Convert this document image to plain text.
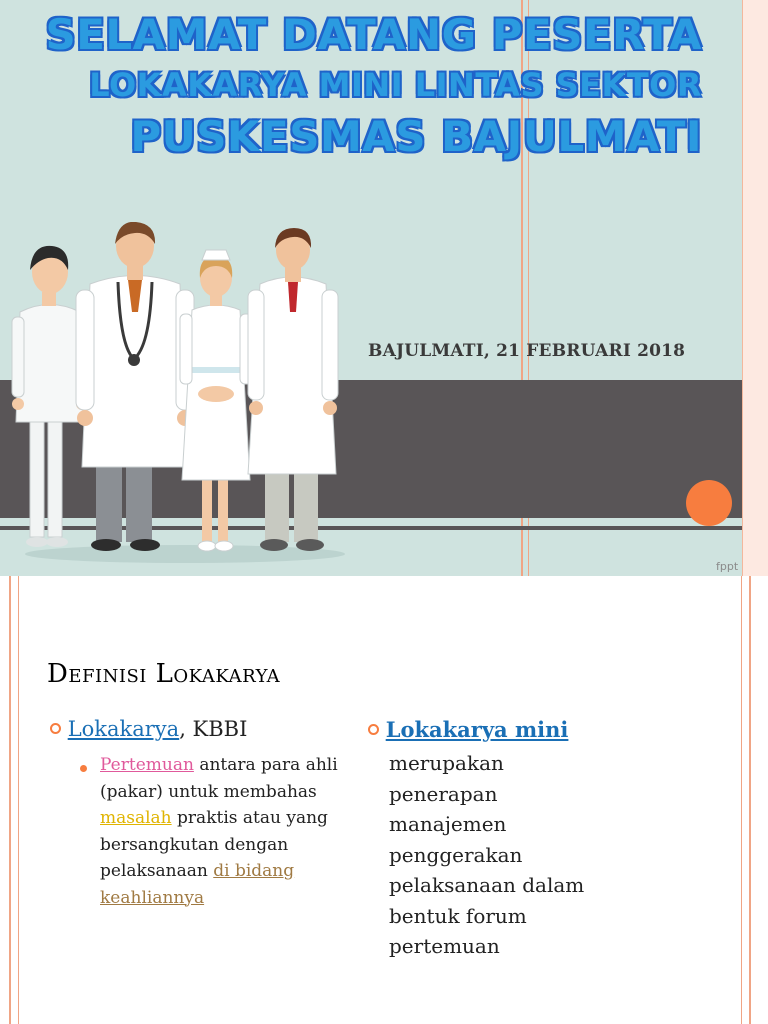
SELAMAT DATANG PESERTA
LOKAKARYA MINI LINTAS SEKTOR
PUSKESMAS BAJULMATI
BAJULMATI, 21 FEBRUARI 2018
fppt
Definisi Lokakarya
Lokakarya, KBBI
Pertemuan antara para ahli (pakar) untuk membahas masalah praktis atau yang bersangkutan dengan pelaksanaan di bidang keahliannya
Lokakarya mini
merupakan
penerapan
manajemen
penggerakan
pelaksanaan dalam
bentuk forum
pertemuan
